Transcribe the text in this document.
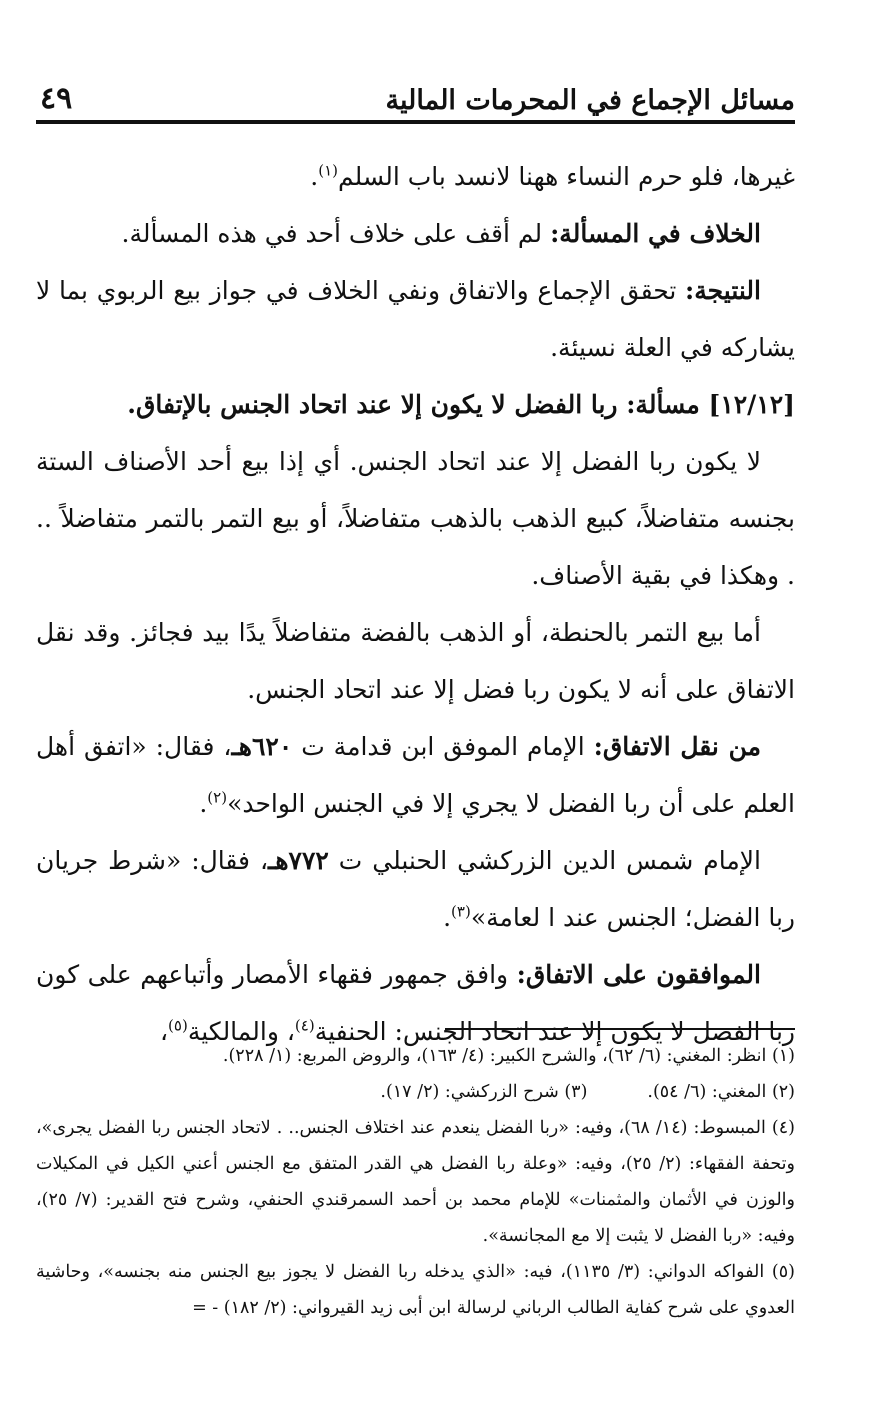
مسائل الإجماع في المحرمات المالية
٤٩

غيرها، فلو حرم النساء ههنا لانسد باب السلم$^{(١)}$.

الخلاف في المسألة: لم أقف على خلاف أحد في هذه المسألة.

النتيجة: تحقق الإجماع والاتفاق ونفي الخلاف في جواز بيع الربوي بما لا يشاركه في العلة نسيئة.

[١٢/١٢] مسألة: ربا الفضل لا يكون إلا عند اتحاد الجنس بالإتفاق.

لا يكون ربا الفضل إلا عند اتحاد الجنس. أي إذا بيع أحد الأصناف الستة بجنسه متفاضلاً، كبيع الذهب بالذهب متفاضلاً، أو بيع التمر بالتمر متفاضلاً .. . وهكذا في بقية الأصناف.

أما بيع التمر بالحنطة، أو الذهب بالفضة متفاضلاً يدًا بيد فجائز. وقد نقل الاتفاق على أنه لا يكون ربا فضل إلا عند اتحاد الجنس.

من نقل الاتفاق: الإمام الموفق ابن قدامة ت ٦٢٠هـ، فقال: «اتفق أهل العلم على أن ربا الفضل لا يجري إلا في الجنس الواحد»$^{(٢)}$.

الإمام شمس الدين الزركشي الحنبلي ت ٧٧٢هـ، فقال: «شرط جريان ربا الفضل؛ الجنس عند ا لعامة»$^{(٣)}$.

الموافقون على الاتفاق: وافق جمهور فقهاء الأمصار وأتباعهم على كون ربا الفضل لا يكون إلا عند اتحاد الجنس: الحنفية$^{(٤)}$، والمالكية$^{(٥)}$،

(١) انظر: المغني: (٦/ ٦٢)، والشرح الكبير: (٤/ ١٦٣)، والروض المربع: (١/ ٢٢٨).

(٢) المغني: (٦/ ٥٤).
(٣) شرح الزركشي: (٢/ ١٧).

(٤) المبسوط: (١٤/ ٦٨)، وفيه: «ربا الفضل ينعدم عند اختلاف الجنس.. . لاتحاد الجنس ربا الفضل يجرى»، وتحفة الفقهاء: (٢/ ٢٥)، وفيه: «وعلة ربا الفضل هي القدر المتفق مع الجنس أعني الكيل في المكيلات والوزن في الأثمان والمثمنات» للإمام محمد بن أحمد السمرقندي الحنفي، وشرح فتح القدير: (٧/ ٢٥)، وفيه: «ربا الفضل لا يثبت إلا مع المجانسة».

(٥) الفواكه الدواني: (٣/ ١١٣٥)، فيه: «الذي يدخله ربا الفضل لا يجوز بيع الجنس منه بجنسه»، وحاشية العدوي على شرح كفاية الطالب الرباني لرسالة ابن أبى زيد القيرواني: (٢/ ١٨٢) - =
